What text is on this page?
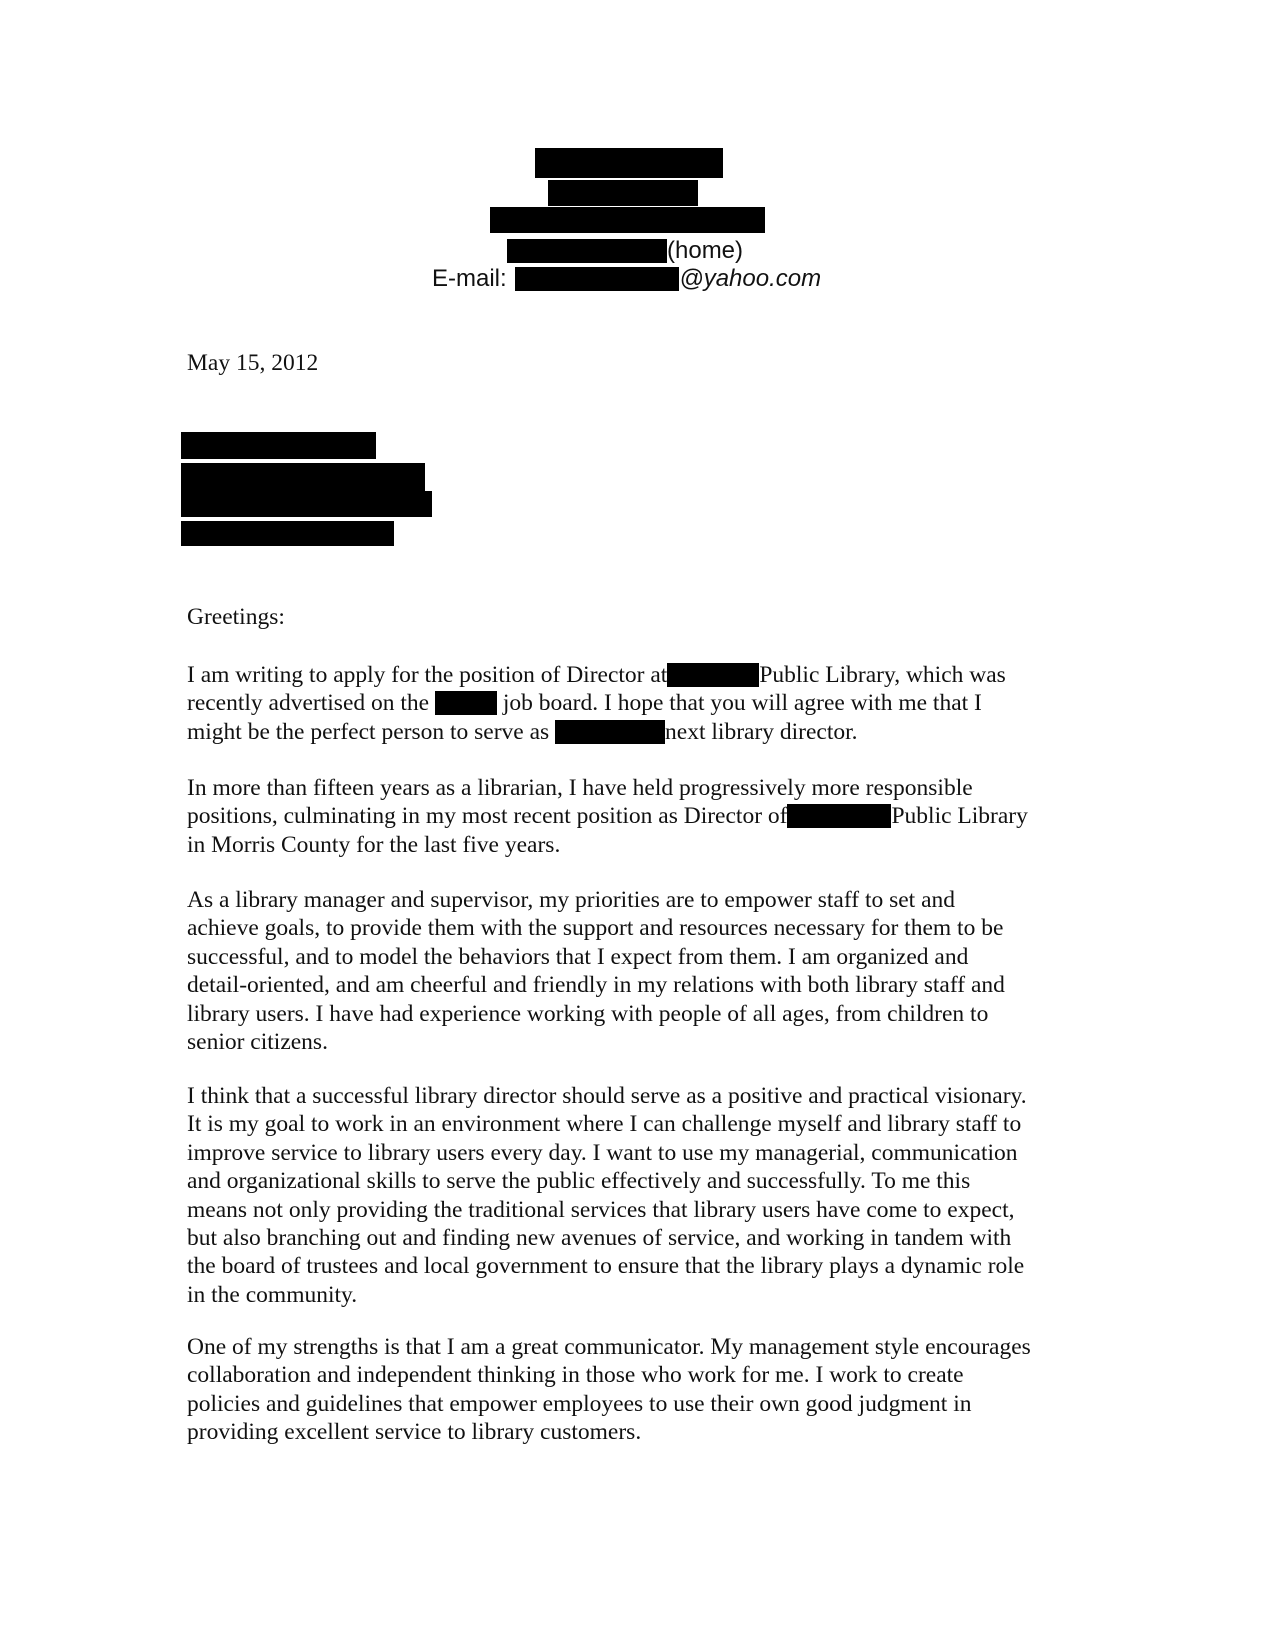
(home)
E-mail:	@yahoo.com
May 15, 2012
Greetings:
I am writing to apply for the position of Director at	Public Library, which was
recently advertised on the	job board. I hope that you will agree with me that I
might be the perfect person to serve as	next library director.
In more than fifteen years as a librarian, I have held progressively more responsible
positions, culminating in my most recent position as Director of	Public Library
in Morris County for the last five years.
As a library manager and supervisor, my priorities are to empower staff to set and
achieve goals, to provide them with the support and resources necessary for them to be
successful, and to model the behaviors that I expect from them. I am organized and
detail-oriented, and am cheerful and friendly in my relations with both library staff and
library users. I have had experience working with people of all ages, from children to
senior citizens.
I think that a successful library director should serve as a positive and practical visionary.
It is my goal to work in an environment where I can challenge myself and library staff to
improve service to library users every day. I want to use my managerial, communication
and organizational skills to serve the public effectively and successfully. To me this
means not only providing the traditional services that library users have come to expect,
but also branching out and finding new avenues of service, and working in tandem with
the board of trustees and local government to ensure that the library plays a dynamic role
in the community.
One of my strengths is that I am a great communicator. My management style encourages
collaboration and independent thinking in those who work for me. I work to create
policies and guidelines that empower employees to use their own good judgment in
providing excellent service to library customers.
